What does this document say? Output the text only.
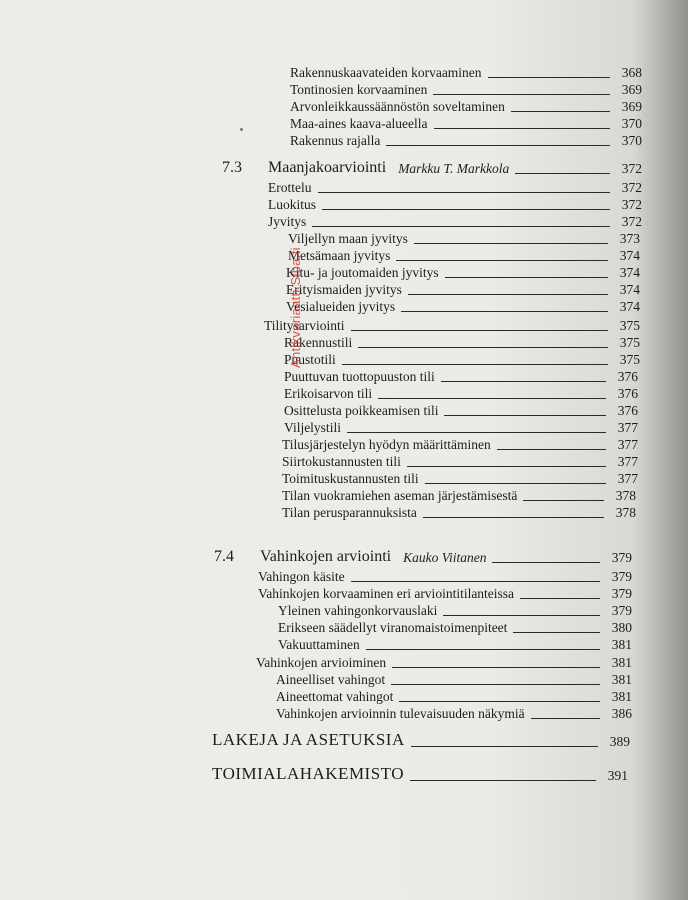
Rakennuskaavateiden korvaaminen	368
Tontinosien korvaaminen	369
Arvonleikkaussäännöstön soveltaminen	369
Maa-aines kaava-alueella	370
Rakennus rajalla	370
7.3 Maanjakoarviointi Markku T. Markkola	372
Erottelu	372
Luokitus	372
Jyvitys	372
Viljellyn maan jyvitys	373
Metsämaan jyvitys	374
Kitu- ja joutomaiden jyvitys	374
Erityismaiden jyvitys	374
Vesialueiden jyvitys	374
Tilitysarviointi	375
Rakennustili	375
Puustotili	375
Puuttuvan tuottopuuston tili	376
Erikoisarvon tili	376
Osittelusta poikkeamisen tili	376
Viljelystili	377
Tilusjärjestelyn hyödyn määrittäminen	377
Siirtokustannusten tili	377
Toimituskustannusten tili	377
Tilan vuokramiehen aseman järjestämisestä	378
Tilan perusparannuksista	378
7.4 Vahinkojen arviointi Kauko Viitanen	379
Vahingon käsite	379
Vahinkojen korvaaminen eri arviointitilanteissa	379
Yleinen vahingonkorvauslaki	379
Erikseen säädellyt viranomaistoimenpiteet	380
Vakuuttaminen	381
Vahinkojen arvioiminen	381
Aineelliset vahingot	381
Aineettomat vahingot	381
Vahinkojen arvioinnin tulevaisuuden näkymiä	386
LAKEJA JA ASETUKSIA	389
TOIMIALAHAKEMISTO	391
Antikvariaatti Siba.fi
